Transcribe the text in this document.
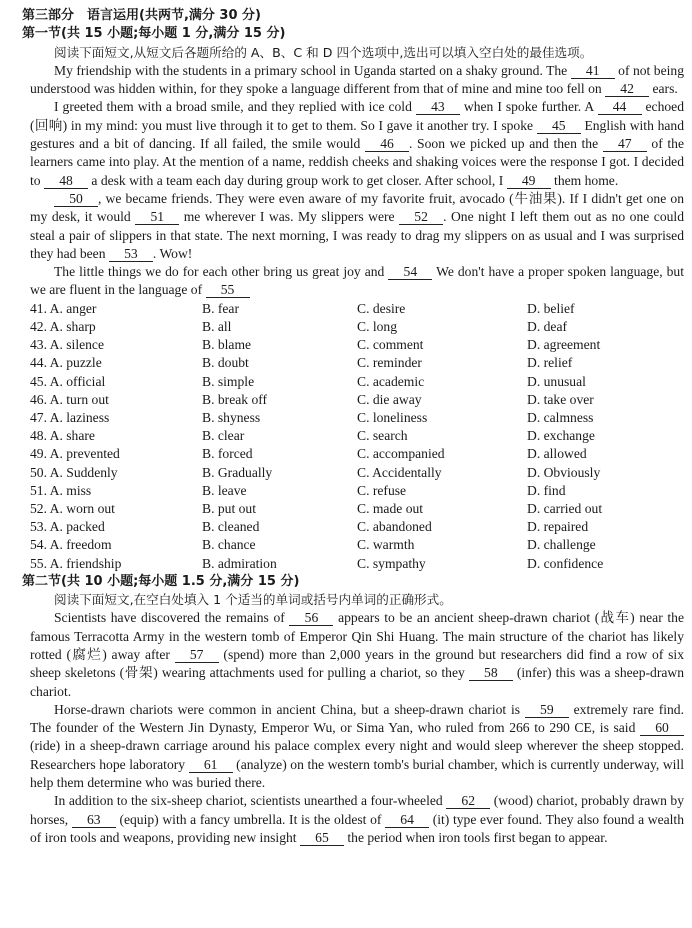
第三部分　语言运用(共两节,满分 30 分)
第一节(共 15 小题;每小题 1 分,满分 15 分)

阅读下面短文,从短文后各题所给的 A、B、C 和 D 四个选项中,选出可以填入空白处的最佳选项。

My friendship with the students in a primary school in Uganda started on a shaky ground. The 41 of not being understood was hidden within, for they spoke a language different from that of mine and mine too fell on 42 ears.

I greeted them with a broad smile, and they replied with ice cold 43 when I spoke further. A 44 echoed (回响) in my mind: you must live through it to get to them. So I gave it another try. I spoke 45 English with hand gestures and a bit of dancing. If all failed, the smile would 46 . Soon we picked up and then the 47 of the learners came into play. At the mention of a name, reddish cheeks and shaking voices were the response I got. I decided to 48 a desk with a team each day during group work to get closer. After school, I 49 them home.

50 , we became friends. They were even aware of my favorite fruit, avocado (牛油果). If I didn't get one on my desk, it would 51 me wherever I was. My slippers were 52 . One night I left them out as no one could steal a pair of slippers in that state. The next morning, I was ready to drag my slippers on as usual and I was surprised they had been 53 . Wow!

The little things we do for each other bring us great joy and 54 We don't have a proper spoken language, but we are fluent in the language of 55

41. A. anger	B. fear	C. desire	D. belief
42. A. sharp	B. all	C. long	D. deaf
43. A. silence	B. blame	C. comment	D. agreement
44. A. puzzle	B. doubt	C. reminder	D. relief
45. A. official	B. simple	C. academic	D. unusual
46. A. turn out	B. break off	C. die away	D. take over
47. A. laziness	B. shyness	C. loneliness	D. calmness
48. A. share	B. clear	C. search	D. exchange
49. A. prevented	B. forced	C. accompanied	D. allowed
50. A. Suddenly	B. Gradually	C. Accidentally	D. Obviously
51. A. miss	B. leave	C. refuse	D. find
52. A. worn out	B. put out	C. made out	D. carried out
53. A. packed	B. cleaned	C. abandoned	D. repaired
54. A. freedom	B. chance	C. warmth	D. challenge
55. A. friendship	B. admiration	C. sympathy	D. confidence
第二节(共 10 小题;每小题 1.5 分,满分 15 分)

阅读下面短文,在空白处填入 1 个适当的单词或括号内单词的正确形式。

Scientists have discovered the remains of 56 appears to be an ancient sheep-drawn chariot (战车) near the famous Terracotta Army in the western tomb of Emperor Qin Shi Huang. The main structure of the chariot has likely rotted (腐烂) away after 57 (spend) more than 2,000 years in the ground but researchers did find a row of six sheep skeletons (骨架) wearing attachments used for pulling a chariot, so they 58 (infer) this was a sheep-drawn chariot.

Horse-drawn chariots were common in ancient China, but a sheep-drawn chariot is 59 extremely rare find. The founder of the Western Jin Dynasty, Emperor Wu, or Sima Yan, who ruled from 266 to 290 CE, is said 60 (ride) in a sheep-drawn carriage around his palace complex every night and would sleep wherever the sheep stopped. Researchers hope laboratory 61 (analyze) on the western tomb's burial chamber, which is currently underway, will help them determine who was buried there.

In addition to the six-sheep chariot, scientists unearthed a four-wheeled 62 (wood) chariot, probably drawn by horses, 63 (equip) with a fancy umbrella. It is the oldest of 64 (it) type ever found. They also found a wealth of iron tools and weapons, providing new insight 65 the period when iron tools first began to appear.
